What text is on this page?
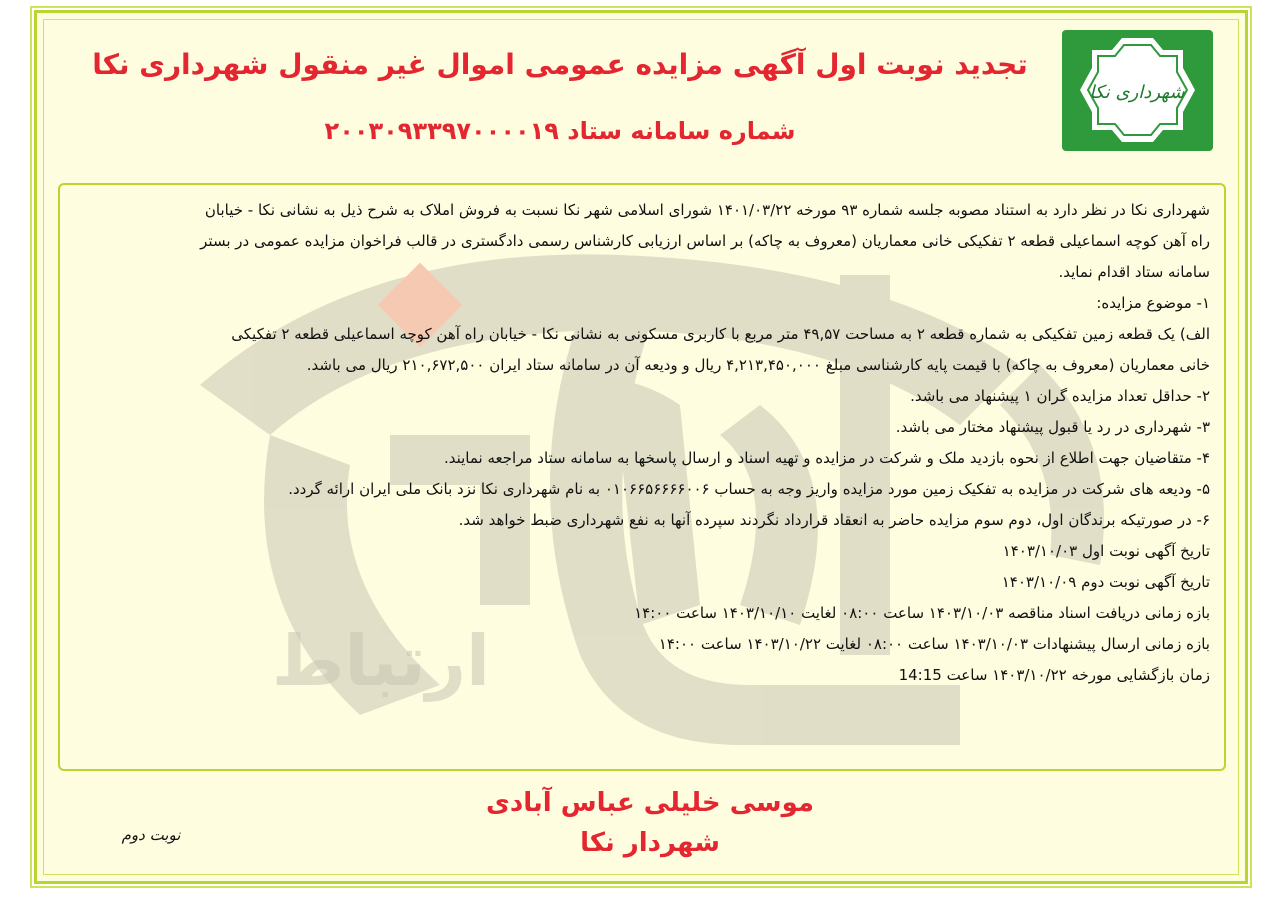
شهرداری نکا
تجدید نوبت اول آگهی مزایده عمومی اموال غیر منقول شهرداری نکا
شماره سامانه ستاد ۲۰۰۳۰۹۳۳۹۷۰۰۰۰۱۹
ارتباط

شهرداری نکا در نظر دارد به استناد مصوبه جلسه شماره ۹۳ مورخه ۱۴۰۱/۰۳/۲۲ شورای اسلامی شهر نکا نسبت به فروش املاک به شرح ذیل به نشانی نکا - خیابان

راه آهن کوچه اسماعیلی قطعه ۲ تفکیکی خانی معماریان (معروف به چاکه) بر اساس ارزیابی کارشناس رسمی دادگستری در قالب فراخوان مزایده عمومی در بستر

سامانه ستاد اقدام نماید.

۱- موضوع مزایده:

الف) یک قطعه زمین تفکیکی به شماره قطعه ۲ به مساحت ۴۹,۵۷ متر مربع با کاربری مسکونی به نشانی نکا - خیابان راه آهن کوچه اسماعیلی قطعه ۲ تفکیکی

خانی معماریان (معروف به چاکه) با قیمت پایه کارشناسی مبلغ ۴,۲۱۳,۴۵۰,۰۰۰ ریال و ودیعه آن در سامانه ستاد ایران ۲۱۰,۶۷۲,۵۰۰ ریال می باشد.

۲- حداقل تعداد مزایده گران ۱ پیشنهاد می باشد.

۳- شهرداری در رد یا قبول پیشنهاد مختار می باشد.

۴- متقاضیان جهت اطلاع از نحوه بازدید ملک و شرکت در مزایده و تهیه اسناد و ارسال پاسخها به سامانه ستاد مراجعه نمایند.

۵- ودیعه های شرکت در مزایده به تفکیک زمین مورد مزایده واریز وجه به حساب ۰۱۰۶۶۵۶۶۶۶۰۰۶ به نام شهرداری نکا نزد بانک ملی ایران ارائه گردد.

۶- در صورتیکه برندگان اول، دوم سوم مزایده حاضر به انعقاد قرارداد نگردند سپرده آنها به نفع شهرداری ضبط خواهد شد.

تاریخ آگهی نوبت اول ۱۴۰۳/۱۰/۰۳

تاریخ آگهی نوبت دوم ۱۴۰۳/۱۰/۰۹

بازه زمانی دریافت اسناد مناقصه ۱۴۰۳/۱۰/۰۳ ساعت ۰۸:۰۰ لغایت ۱۴۰۳/۱۰/۱۰ ساعت ۱۴:۰۰

بازه زمانی ارسال پیشنهادات ۱۴۰۳/۱۰/۰۳ ساعت ۰۸:۰۰ لغایت ۱۴۰۳/۱۰/۲۲ ساعت ۱۴:۰۰

زمان بازگشایی مورخه ۱۴۰۳/۱۰/۲۲ ساعت 14:15

موسی خلیلی عباس آبادی
شهردار نکا
نوبت دوم
